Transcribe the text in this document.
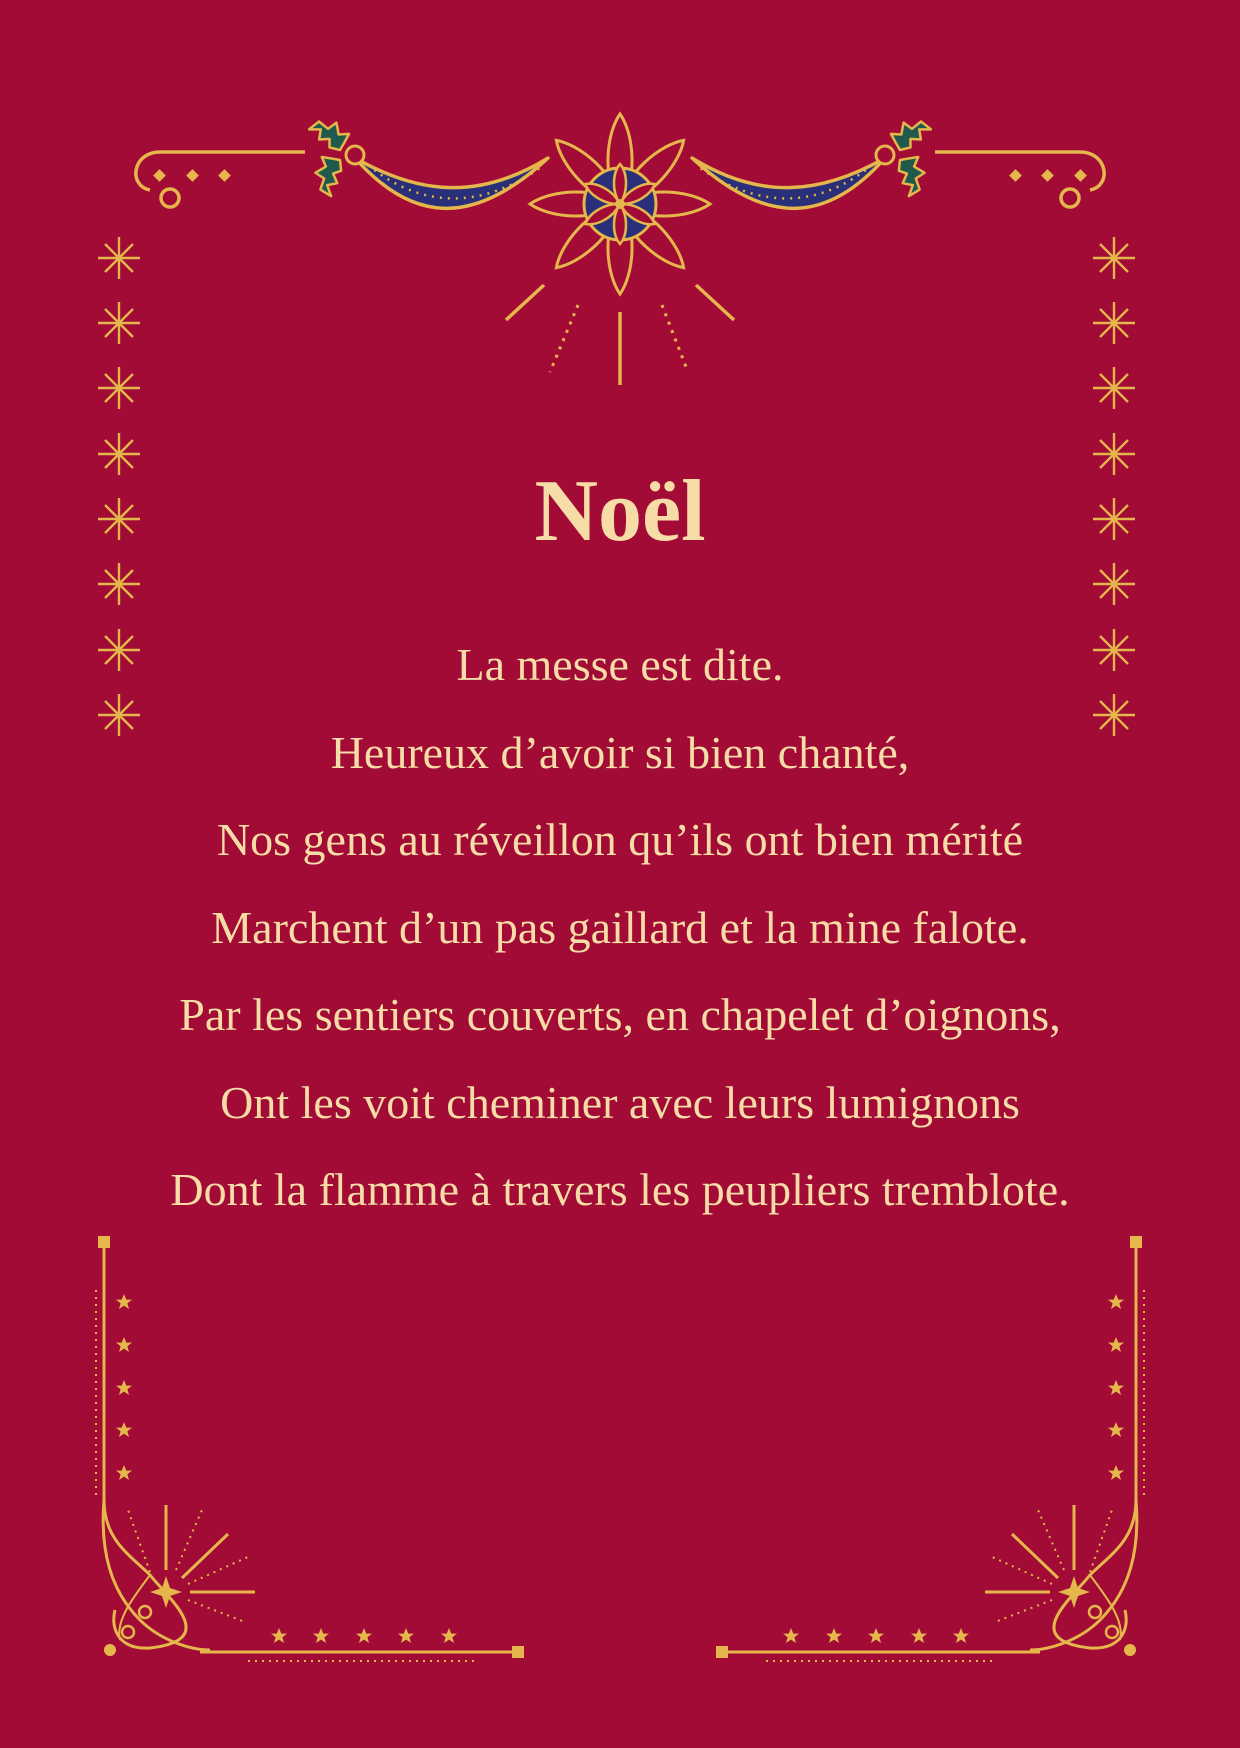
Noël
La messe est dite.
Heureux d’avoir si bien chanté,
Nos gens au réveillon qu’ils ont bien mérité
Marchent d’un pas gaillard et la mine falote.
Par les sentiers couverts, en chapelet d’oignons,
Ont les voit cheminer avec leurs lumignons
Dont la flamme à travers les peupliers tremblote.
